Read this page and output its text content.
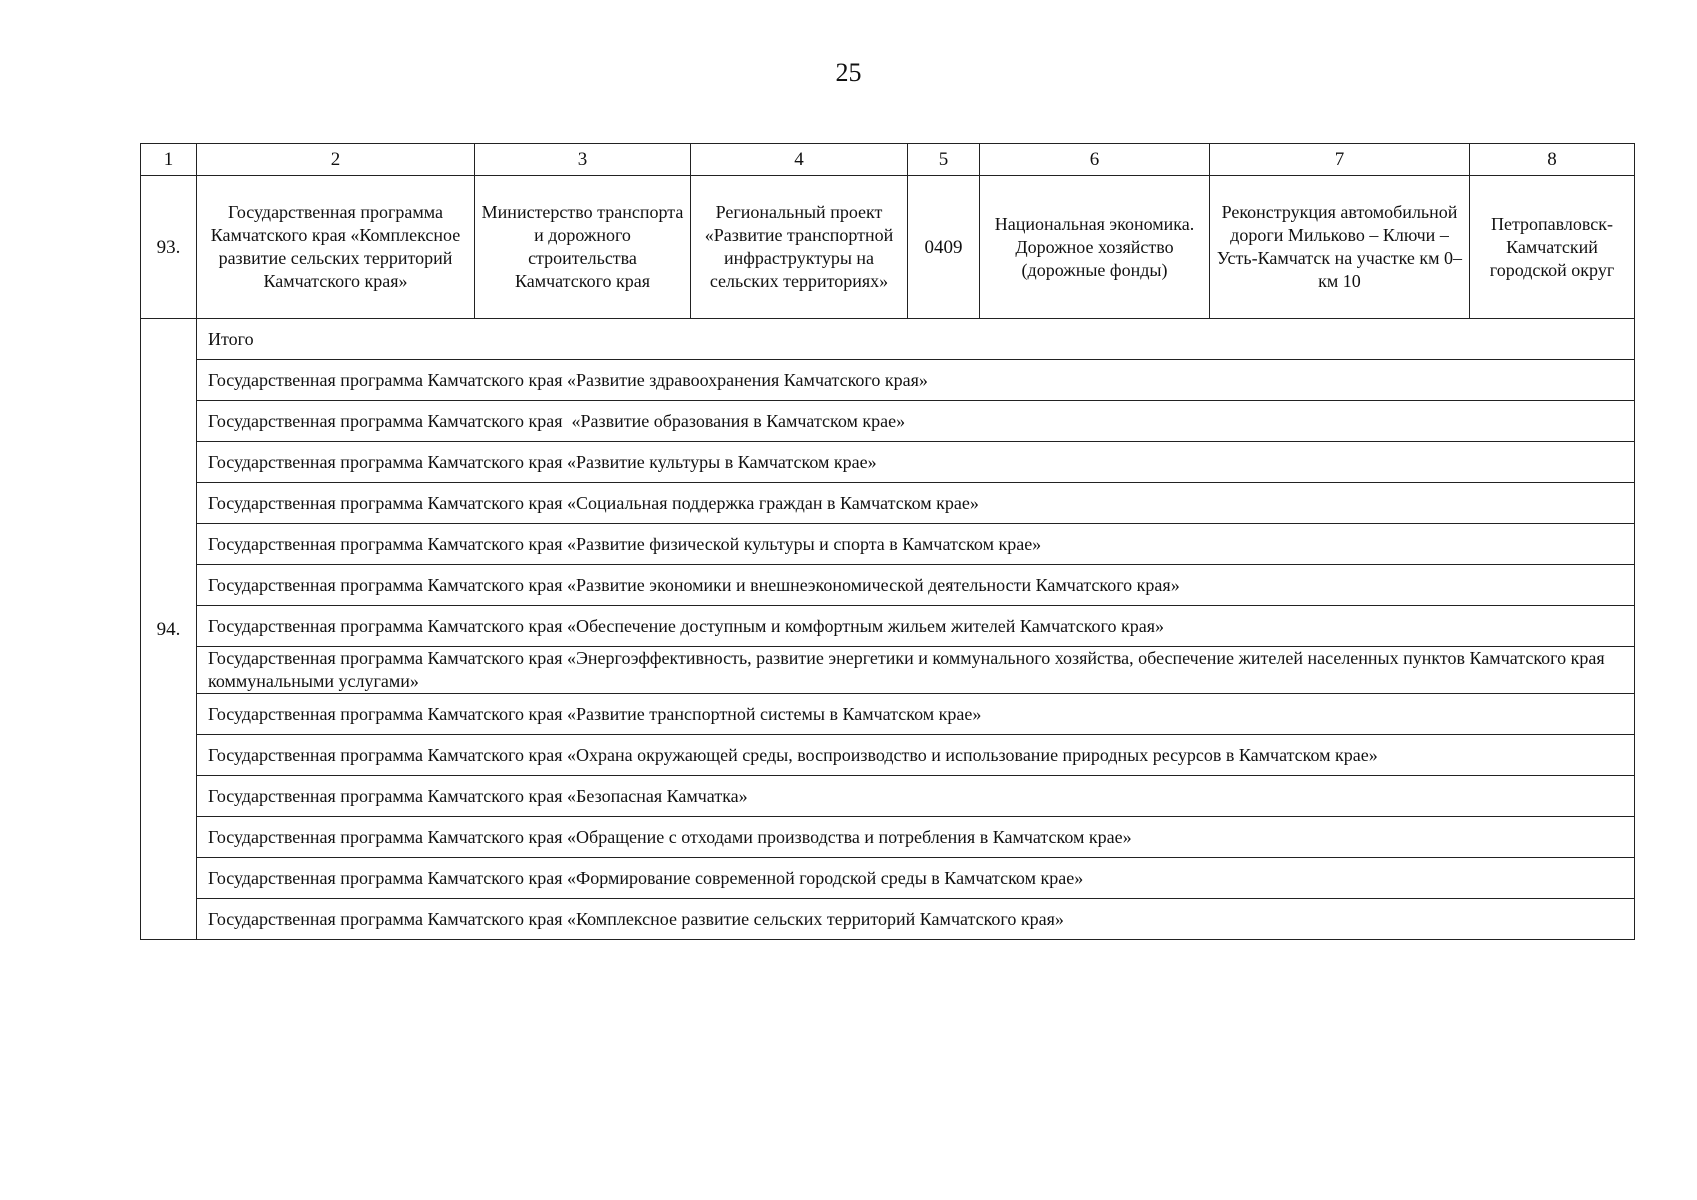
25
1	2	3	4	5	6	7	8
93.	Государственная программа Камчатского края «Комплексное развитие сельских территорий Камчатского края»	Министерство транспорта и дорожного строительства Камчатского края	Региональный проект «Развитие транспортной инфраструктуры на сельских территориях»	0409	Национальная экономика. Дорожное хозяйство (дорожные фонды)	Реконструкция автомобильной дороги Мильково – Ключи – Усть-Камчатск на участке км 0–км 10	Петропавловск-Камчатский городской округ
94.	Итого						
	Государственная программа Камчатского края «Развитие здравоохранения Камчатского края»						
	Государственная программа Камчатского края  «Развитие образования в Камчатском крае»						
	Государственная программа Камчатского края «Развитие культуры в Камчатском крае»						
	Государственная программа Камчатского края «Социальная поддержка граждан в Камчатском крае»						
	Государственная программа Камчатского края «Развитие физической культуры и спорта в Камчатском крае»						
	Государственная программа Камчатского края «Развитие экономики и внешнеэкономической деятельности Камчатского края»						
	Государственная программа Камчатского края «Обеспечение доступным и комфортным жильем жителей Камчатского края»						
	Государственная программа Камчатского края «Энергоэффективность, развитие энергетики и коммунального хозяйства, обеспечение жителей населенных пунктов Камчатского края коммунальными услугами»						
	Государственная программа Камчатского края «Развитие транспортной системы в Камчатском крае»						
	Государственная программа Камчатского края «Охрана окружающей среды, воспроизводство и использование природных ресурсов в Камчатском крае»						
	Государственная программа Камчатского края «Безопасная Камчатка»						
	Государственная программа Камчатского края «Обращение с отходами производства и потребления в Камчатском крае»						
	Государственная программа Камчатского края «Формирование современной городской среды в Камчатском крае»						
	Государственная программа Камчатского края «Комплексное развитие сельских территорий Камчатского края»						
